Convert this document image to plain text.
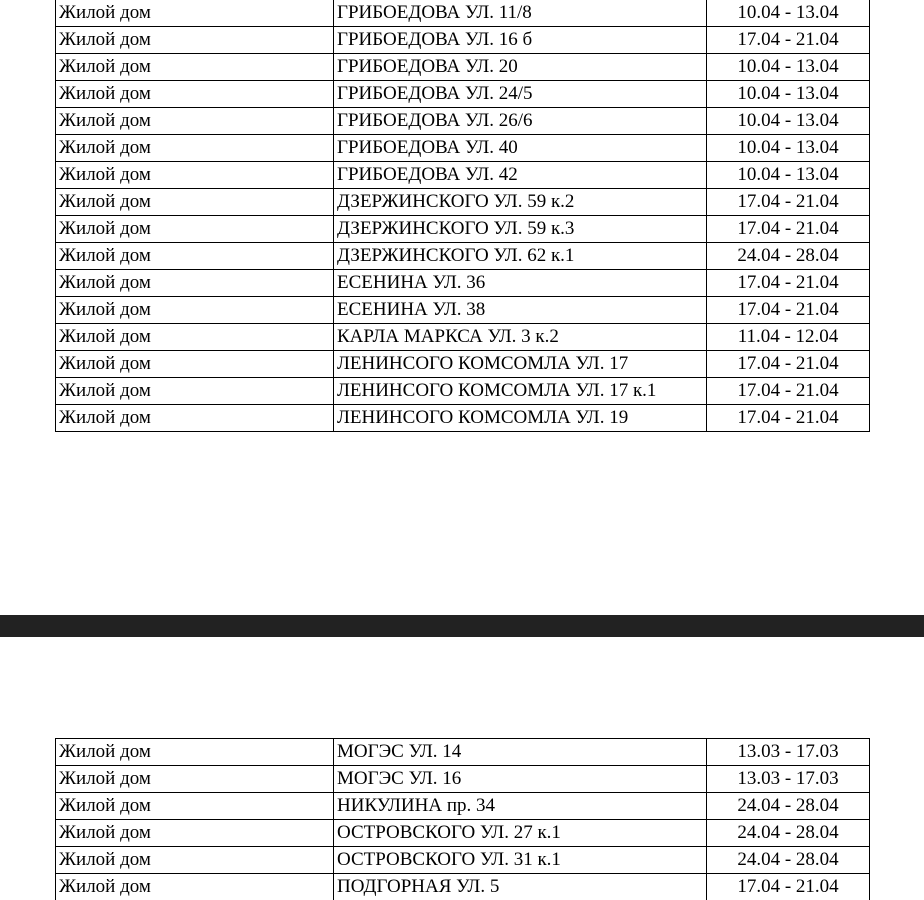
Жилой дом	ГРИБОЕДОВА УЛ. 11/8	10.04 - 13.04
Жилой дом	ГРИБОЕДОВА УЛ. 16 б	17.04 - 21.04
Жилой дом	ГРИБОЕДОВА УЛ. 20	10.04 - 13.04
Жилой дом	ГРИБОЕДОВА УЛ. 24/5	10.04 - 13.04
Жилой дом	ГРИБОЕДОВА УЛ. 26/6	10.04 - 13.04
Жилой дом	ГРИБОЕДОВА УЛ. 40	10.04 - 13.04
Жилой дом	ГРИБОЕДОВА УЛ. 42	10.04 - 13.04
Жилой дом	ДЗЕРЖИНСКОГО УЛ. 59 к.2	17.04 - 21.04
Жилой дом	ДЗЕРЖИНСКОГО УЛ. 59 к.3	17.04 - 21.04
Жилой дом	ДЗЕРЖИНСКОГО УЛ. 62 к.1	24.04 - 28.04
Жилой дом	ЕСЕНИНА УЛ. 36	17.04 - 21.04
Жилой дом	ЕСЕНИНА УЛ. 38	17.04 - 21.04
Жилой дом	КАРЛА МАРКСА УЛ. 3 к.2	11.04 - 12.04
Жилой дом	ЛЕНИНСОГО КОМСОМЛА УЛ. 17	17.04 - 21.04
Жилой дом	ЛЕНИНСОГО КОМСОМЛА УЛ. 17 к.1	17.04 - 21.04
Жилой дом	ЛЕНИНСОГО КОМСОМЛА УЛ. 19	17.04 - 21.04
Жилой дом	МОГЭС УЛ. 14	13.03 - 17.03
Жилой дом	МОГЭС УЛ. 16	13.03 - 17.03
Жилой дом	НИКУЛИНА пр. 34	24.04 - 28.04
Жилой дом	ОСТРОВСКОГО УЛ. 27 к.1	24.04 - 28.04
Жилой дом	ОСТРОВСКОГО УЛ. 31 к.1	24.04 - 28.04
Жилой дом	ПОДГОРНАЯ УЛ. 5	17.04 - 21.04
